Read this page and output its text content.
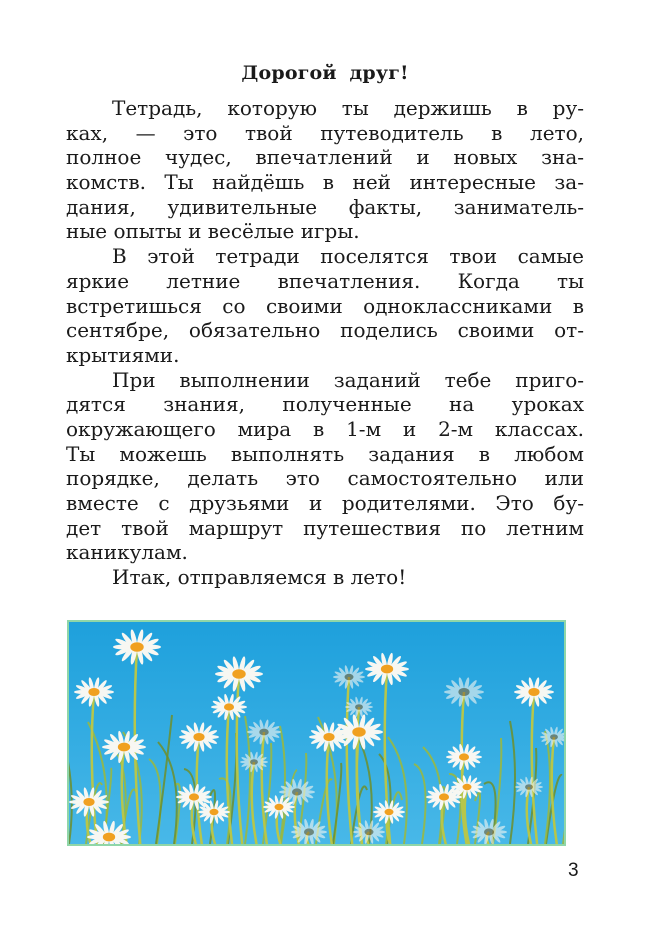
Дорогой друг!
Тетрадь, которую ты держишь в ру-
ках, — это твой путеводитель в лето,
полное чудес, впечатлений и новых зна-
комств. Ты найдёшь в ней интересные за-
дания, удивительные факты, заниматель-
ные опыты и весёлые игры.
В этой тетради поселятся твои самые
яркие летние впечатления. Когда ты
встретишься со своими одноклассниками в
сентябре, обязательно поделись своими от-
крытиями.
При выполнении заданий тебе приго-
дятся знания, полученные на уроках
окружающего мира в 1-м и 2-м классах.
Ты можешь выполнять задания в любом
порядке, делать это самостоятельно или
вместе с друзьями и родителями. Это бу-
дет твой маршрут путешествия по летним
каникулам.
Итак, отправляемся в лето!
3
